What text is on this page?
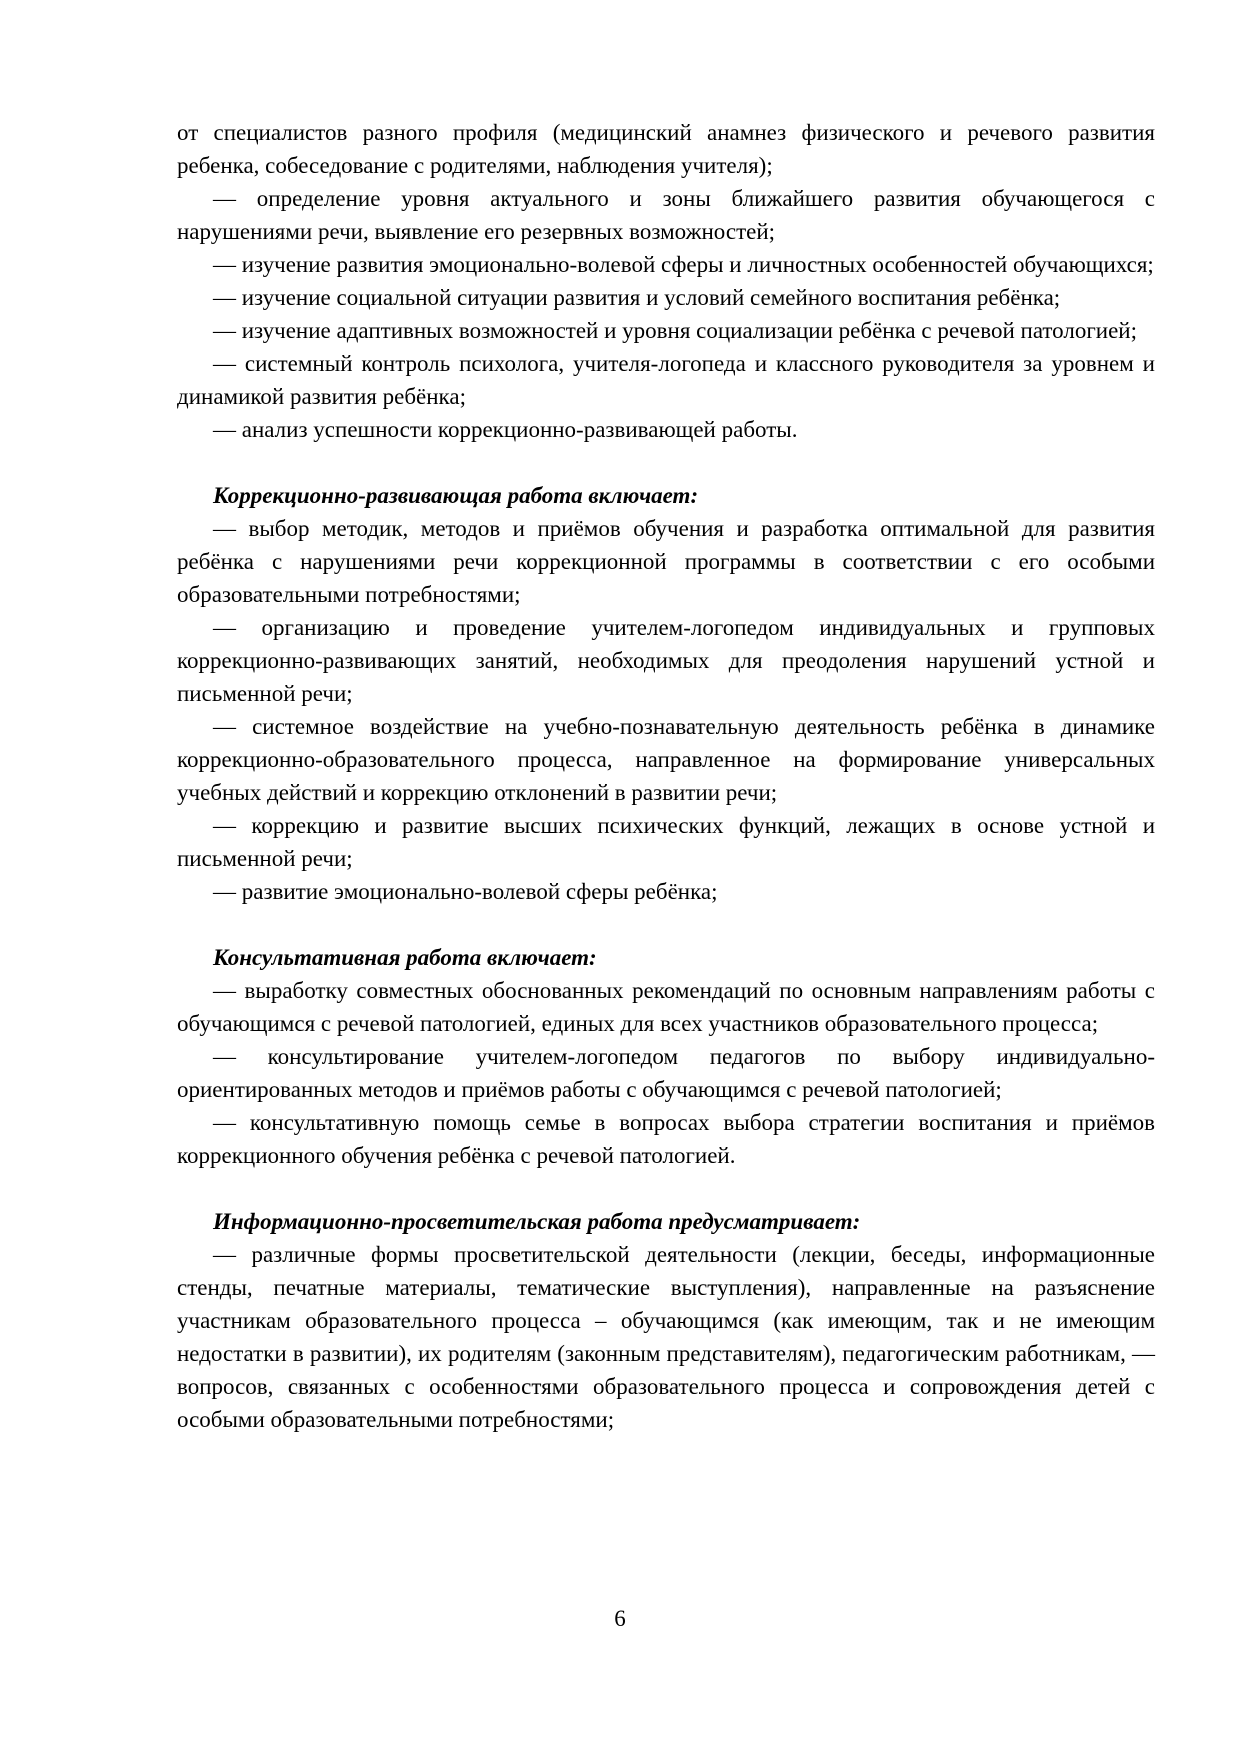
от специалистов разного профиля (медицинский анамнез физического и речевого развития ребенка, собеседование с родителями, наблюдения учителя);

— определение уровня актуального и зоны ближайшего развития обучающегося с нарушениями речи, выявление его резервных возможностей;

— изучение развития эмоционально-волевой сферы и личностных особенностей обучающихся;

— изучение социальной ситуации развития и условий семейного воспитания ребёнка;

— изучение адаптивных возможностей и уровня социализации ребёнка с речевой патологией;

— системный контроль психолога, учителя-логопеда и классного руководителя за уровнем и динамикой развития ребёнка;

— анализ успешности коррекционно-развивающей работы.

Коррекционно-развивающая работа включает:

— выбор методик, методов и приёмов обучения и разработка оптимальной для развития ребёнка с нарушениями речи коррекционной программы в соответствии с его особыми образовательными потребностями;

— организацию и проведение учителем-логопедом индивидуальных и групповых коррекционно-развивающих занятий, необходимых для преодоления нарушений устной и письменной речи;

— системное воздействие на учебно-познавательную деятельность ребёнка в динамике коррекционно-образовательного процесса, направленное на формирование универсальных учебных действий и коррекцию отклонений в развитии речи;

— коррекцию и развитие высших психических функций, лежащих в основе устной и письменной речи;

— развитие эмоционально-волевой сферы ребёнка;

Консультативная работа включает:

— выработку совместных обоснованных рекомендаций по основным направлениям работы с обучающимся с речевой патологией, единых для всех участников образовательного процесса;

— консультирование учителем-логопедом педагогов по выбору индивидуально-ориентированных методов и приёмов работы с обучающимся с речевой патологией;

— консультативную помощь семье в вопросах выбора стратегии воспитания и приёмов коррекционного обучения ребёнка с речевой патологией.

Информационно-просветительская работа предусматривает:

— различные формы просветительской деятельности (лекции, беседы, информационные стенды, печатные материалы, тематические выступления), направленные на разъяснение участникам образовательного процесса – обучающимся (как имеющим, так и не имеющим недостатки в развитии), их родителям (законным представителям), педагогическим работникам, — вопросов, связанных с особенностями образовательного процесса и сопровождения детей с особыми образовательными потребностями;

6
